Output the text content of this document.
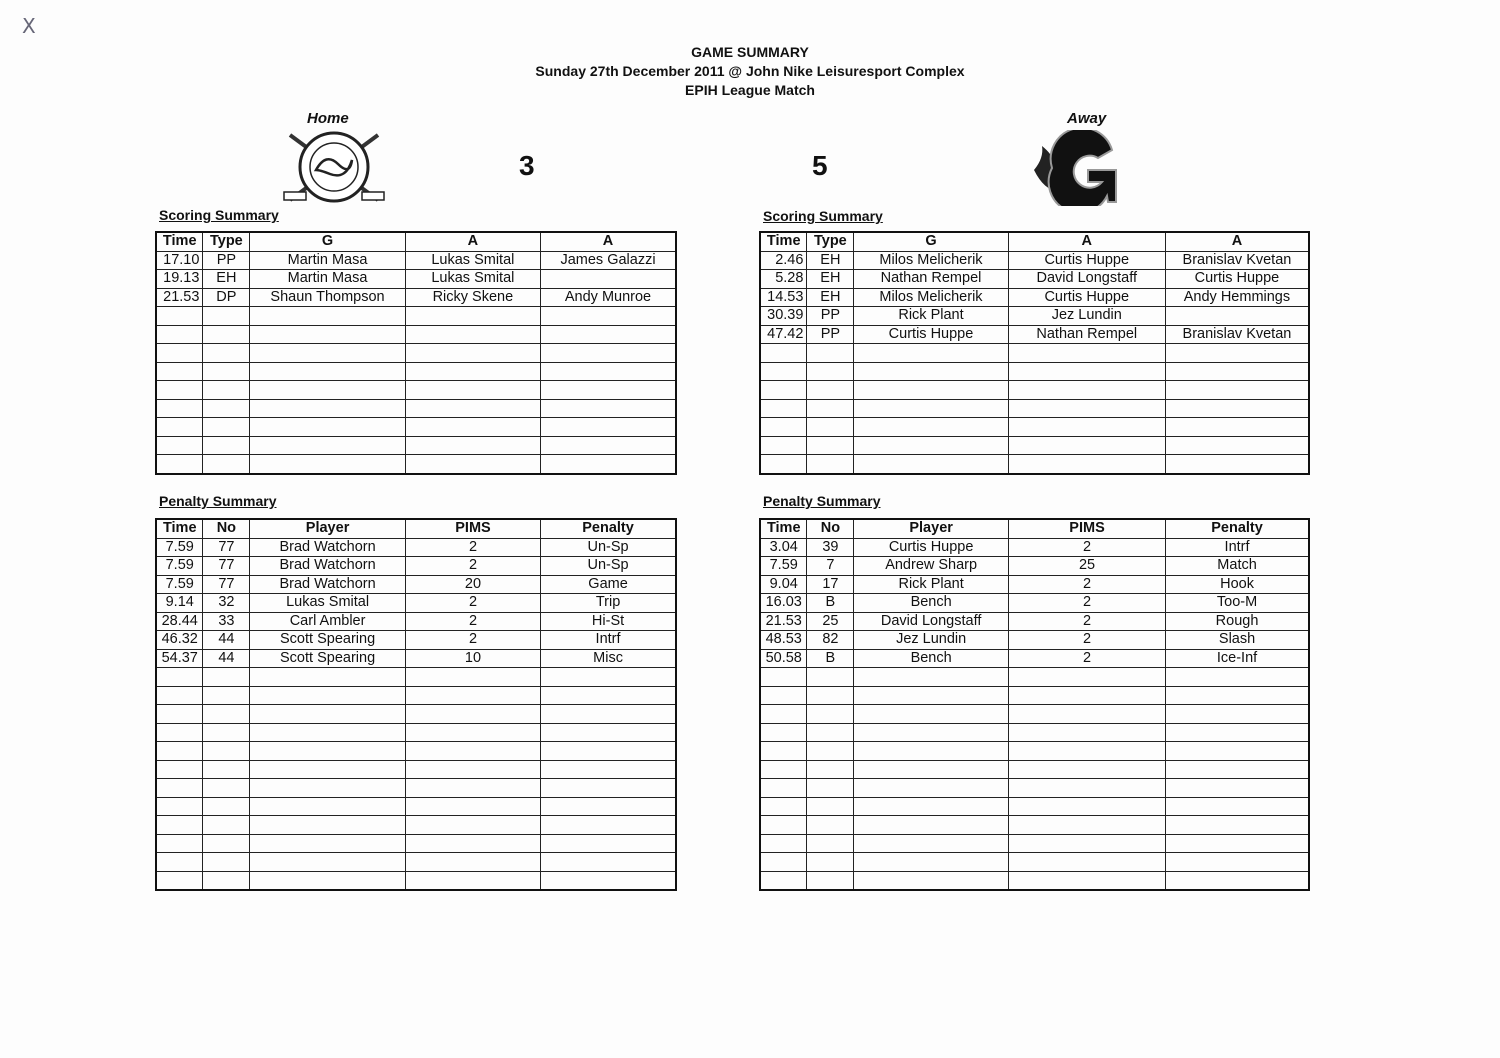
X
GAME SUMMARY
Sunday 27th December 2011 @ John Nike Leisuresport Complex
EPIH League Match
Home	Away
3	5
Scoring Summary	Scoring Summary
Penalty Summary	Penalty Summary
Time	Type	G	A	A
17.10	PP	Martin Masa	Lukas Smital	James Galazzi
19.13	EH	Martin Masa	Lukas Smital	
21.53	DP	Shaun Thompson	Ricky Skene	Andy Munroe

Time	Type	G	A	A
2.46	EH	Milos Melicherik	Curtis Huppe	Branislav Kvetan
5.28	EH	Nathan Rempel	David Longstaff	Curtis Huppe
14.53	EH	Milos Melicherik	Curtis Huppe	Andy Hemmings
30.39	PP	Rick Plant	Jez Lundin	
47.42	PP	Curtis Huppe	Nathan Rempel	Branislav Kvetan

Time	No	Player	PIMS	Penalty
7.59	77	Brad Watchorn	2	Un-Sp
7.59	77	Brad Watchorn	2	Un-Sp
7.59	77	Brad Watchorn	20	Game
9.14	32	Lukas Smital	2	Trip
28.44	33	Carl Ambler	2	Hi-St
46.32	44	Scott Spearing	2	Intrf
54.37	44	Scott Spearing	10	Misc

Time	No	Player	PIMS	Penalty
3.04	39	Curtis Huppe	2	Intrf
7.59	7	Andrew Sharp	25	Match
9.04	17	Rick Plant	2	Hook
16.03	B	Bench	2	Too-M
21.53	25	David Longstaff	2	Rough
48.53	82	Jez Lundin	2	Slash
50.58	B	Bench	2	Ice-Inf
